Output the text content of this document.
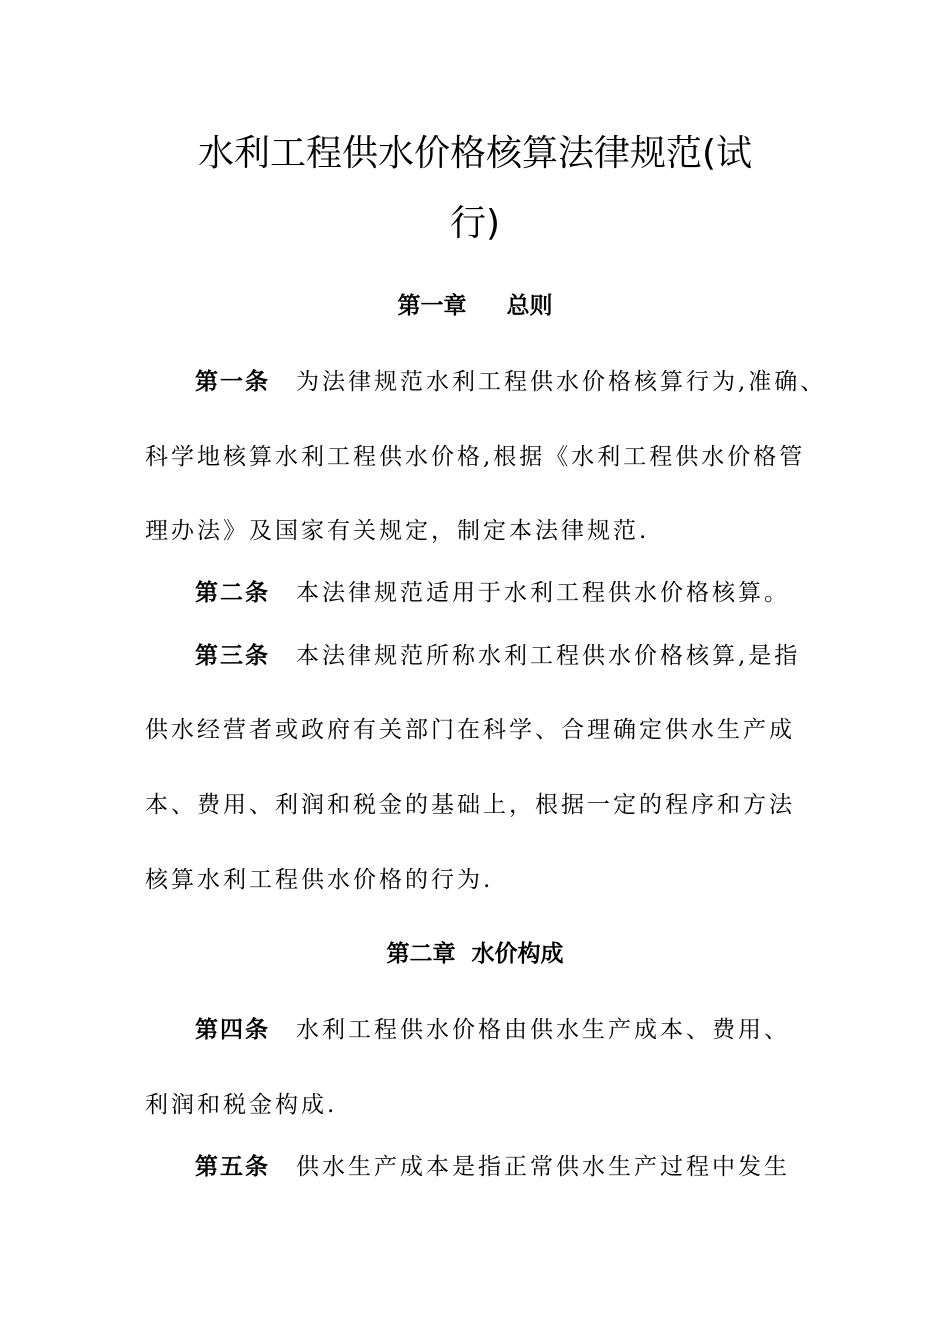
水利工程供水价格核算法律规范(试
行)
第一章 总则
第一条 为法律规范水利工程供水价格核算行为,准确、
科学地核算水利工程供水价格,根据《水利工程供水价格管
理办法》及国家有关规定，制定本法律规范.
第二条 本法律规范适用于水利工程供水价格核算。
第三条 本法律规范所称水利工程供水价格核算,是指
供水经营者或政府有关部门在科学、合理确定供水生产成
本、费用、利润和税金的基础上，根据一定的程序和方法
核算水利工程供水价格的行为.
第二章 水价构成
第四条 水利工程供水价格由供水生产成本、费用、
利润和税金构成.
第五条 供水生产成本是指正常供水生产过程中发生
